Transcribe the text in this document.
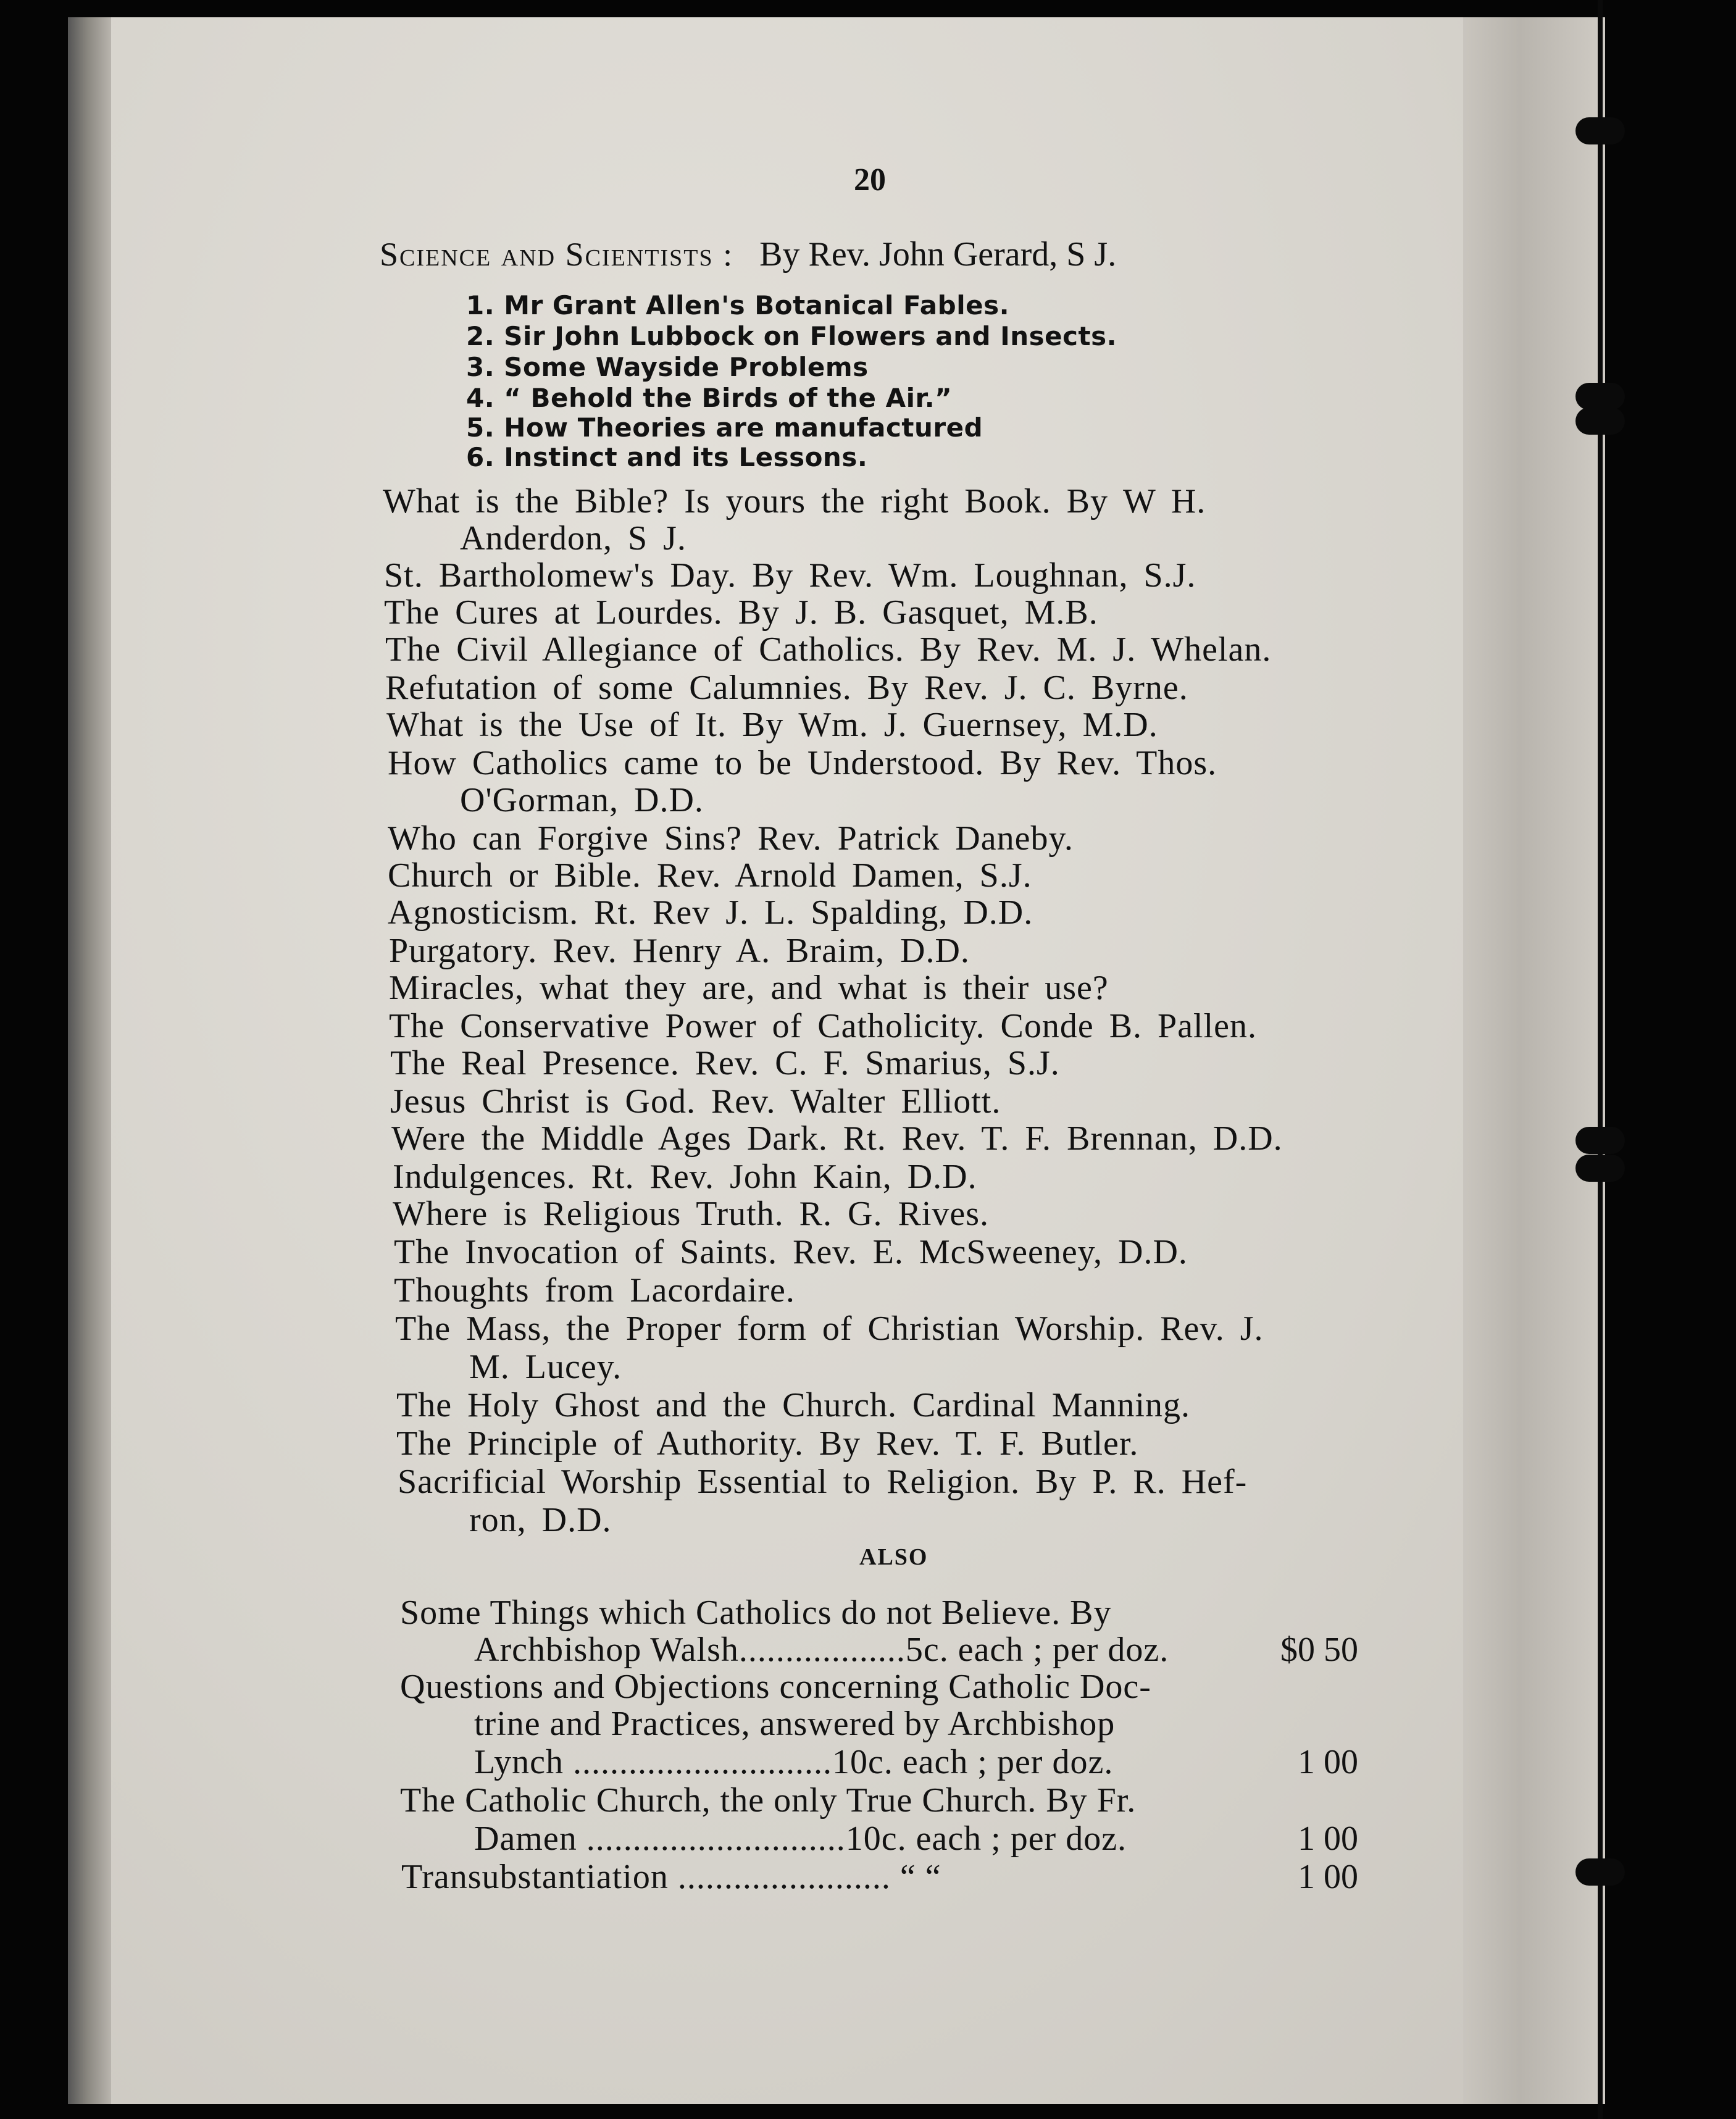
20
Science and Scientists : By Rev. John Gerard, S J.
1. Mr Grant Allen's Botanical Fables.
2. Sir John Lubbock on Flowers and Insects.
3. Some Wayside Problems
4. “ Behold the Birds of the Air.”
5. How Theories are manufactured
6. Instinct and its Lessons.
What is the Bible? Is yours the right Book. By W H.
Anderdon, S J.
St. Bartholomew's Day. By Rev. Wm. Loughnan, S.J.
The Cures at Lourdes. By J. B. Gasquet, M.B.
The Civil Allegiance of Catholics. By Rev. M. J. Whelan.
Refutation of some Calumnies. By Rev. J. C. Byrne.
What is the Use of It. By Wm. J. Guernsey, M.D.
How Catholics came to be Understood. By Rev. Thos.
O'Gorman, D.D.
Who can Forgive Sins? Rev. Patrick Daneby.
Church or Bible. Rev. Arnold Damen, S.J.
Agnosticism. Rt. Rev J. L. Spalding, D.D.
Purgatory. Rev. Henry A. Braim, D.D.
Miracles, what they are, and what is their use?
The Conservative Power of Catholicity. Conde B. Pallen.
The Real Presence. Rev. C. F. Smarius, S.J.
Jesus Christ is God. Rev. Walter Elliott.
Were the Middle Ages Dark. Rt. Rev. T. F. Brennan, D.D.
Indulgences. Rt. Rev. John Kain, D.D.
Where is Religious Truth. R. G. Rives.
The Invocation of Saints. Rev. E. McSweeney, D.D.
Thoughts from Lacordaire.
The Mass, the Proper form of Christian Worship. Rev. J.
M. Lucey.
The Holy Ghost and the Church. Cardinal Manning.
The Principle of Authority. By Rev. T. F. Butler.
Sacrificial Worship Essential to Religion. By P. R. Hef-
ron, D.D.
ALSO
Some Things which Catholics do not Believe. By
Archbishop Walsh..................5c. each ; per doz.
Questions and Objections concerning Catholic Doc-
trine and Practices, answered by Archbishop
Lynch ............................10c. each ; per doz.
The Catholic Church, the only True Church. By Fr.
Damen ............................10c. each ; per doz.
Transubstantiation ....................... “ “
$0 50
1 00
1 00
1 00
